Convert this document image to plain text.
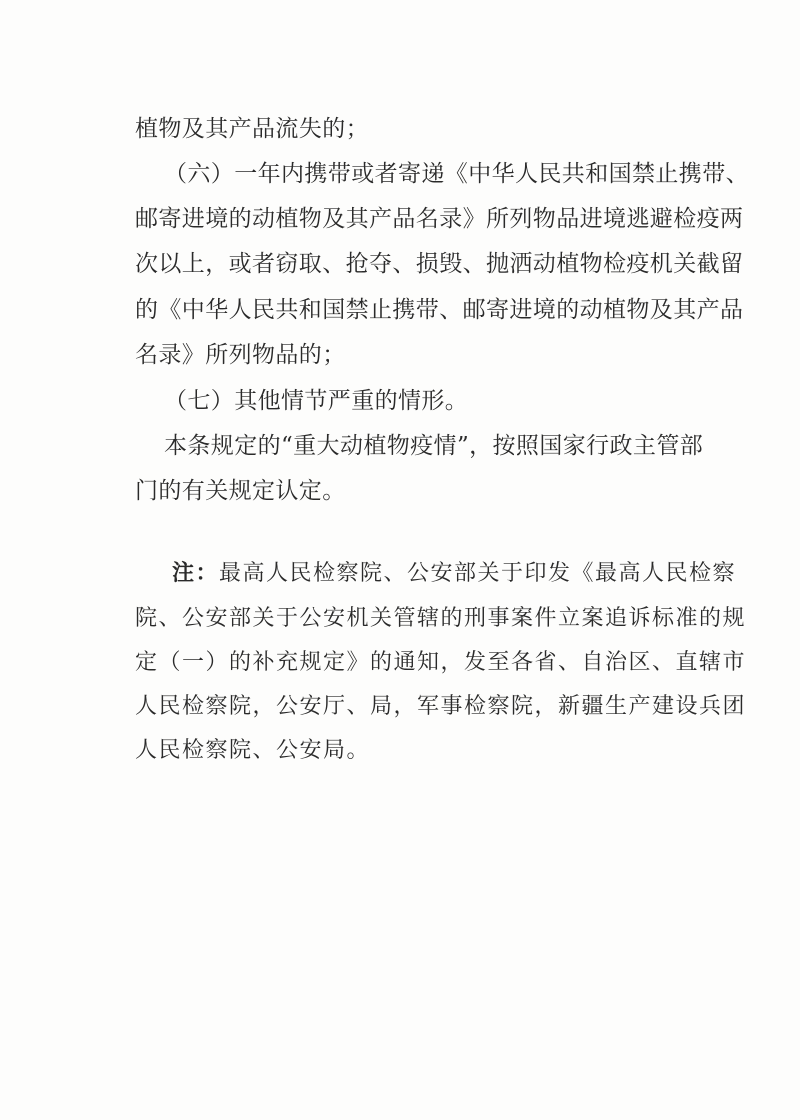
植物及其产品流失的；
（六）一年内携带或者寄递《中华人民共和国禁止携带、
邮寄进境的动植物及其产品名录》所列物品进境逃避检疫两
次以上，或者窃取、抢夺、损毁、抛洒动植物检疫机关截留
的《中华人民共和国禁止携带、邮寄进境的动植物及其产品
名录》所列物品的；
（七）其他情节严重的情形。
本条规定的“重大动植物疫情”，按照国家行政主管部
门的有关规定认定。
注：最高人民检察院、公安部关于印发《最高人民检察
院、公安部关于公安机关管辖的刑事案件立案追诉标准的规
定（一）的补充规定》的通知，发至各省、自治区、直辖市
人民检察院，公安厅、局，军事检察院，新疆生产建设兵团
人民检察院、公安局。
